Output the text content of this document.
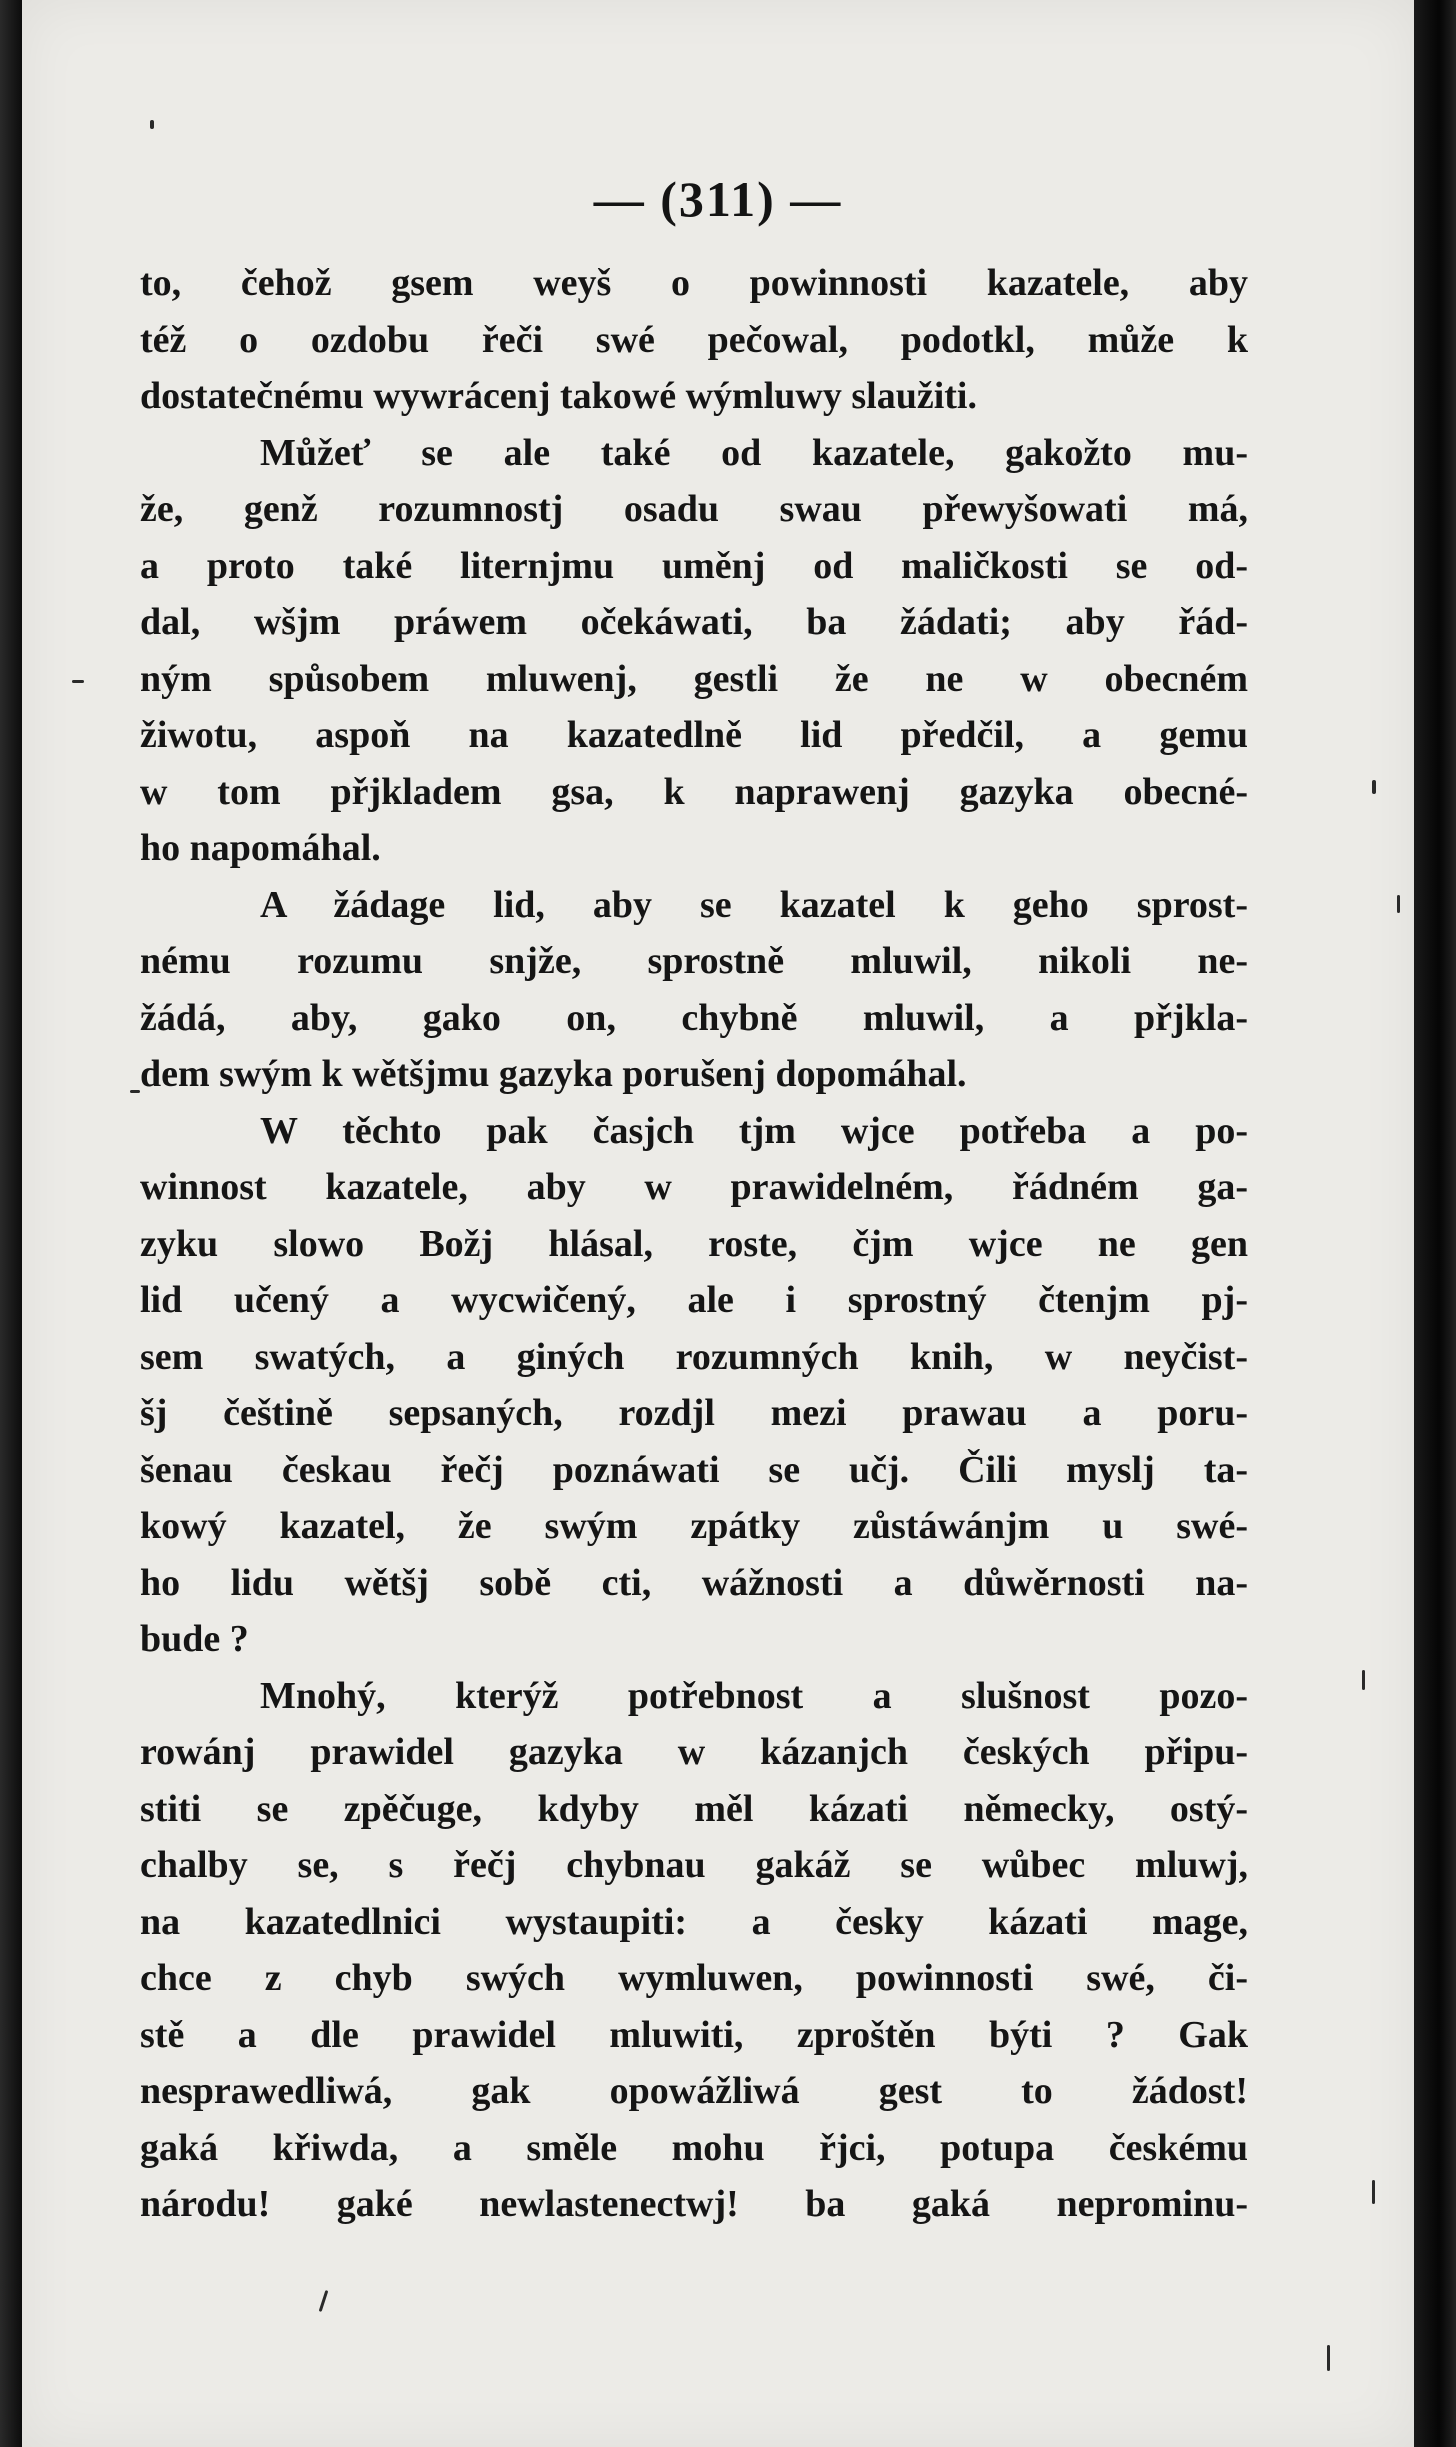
— (311) —
to, čehož gsem weyš o powinnosti kazatele, aby
též o ozdobu řeči swé pečowal, podotkl, může k
dostatečnému wywrácenj takowé wýmluwy slaužiti.
Můžeť se ale také od kazatele, gakožto mu-
že, genž rozumnostj osadu swau přewyšowati má,
a proto také liternjmu uměnj od maličkosti se od-
dal, wšjm práwem očekáwati, ba žádati; aby řád-
ným spůsobem mluwenj, gestli že ne w obecném
žiwotu, aspoň na kazatedlně lid předčil, a gemu
w tom přjkladem gsa, k naprawenj gazyka obecné-
ho napomáhal.
A žádage lid, aby se kazatel k geho sprost-
nému rozumu snjže, sprostně mluwil, nikoli ne-
žádá, aby, gako on, chybně mluwil, a přjkla-
dem swým k wětšjmu gazyka porušenj dopomáhal.
W těchto pak časjch tjm wjce potřeba a po-
winnost kazatele, aby w prawidelném, řádném ga-
zyku slowo Božj hlásal, roste, čjm wjce ne gen
lid učený a wycwičený, ale i sprostný čtenjm pj-
sem swatých, a giných rozumných knih, w neyčist-
šj češtině sepsaných, rozdjl mezi prawau a poru-
šenau českau řečj poznáwati se učj. Čili myslj ta-
kowý kazatel, že swým zpátky zůstáwánjm u swé-
ho lidu wětšj sobě cti, wážnosti a důwěrnosti na-
bude ?
Mnohý, kterýž potřebnost a slušnost pozo-
rowánj prawidel gazyka w kázanjch českých připu-
stiti se zpěčuge, kdyby měl kázati německy, ostý-
chalby se, s řečj chybnau gakáž se wůbec mluwj,
na kazatedlnici wystaupiti: a česky kázati mage,
chce z chyb swých wymluwen, powinnosti swé, či-
stě a dle prawidel mluwiti, zproštěn býti ? Gak
nesprawedliwá, gak opowážliwá gest to žádost!
gaká křiwda, a směle mohu řjci, potupa českému
národu! gaké newlastenectwj! ba gaká neprominu-
